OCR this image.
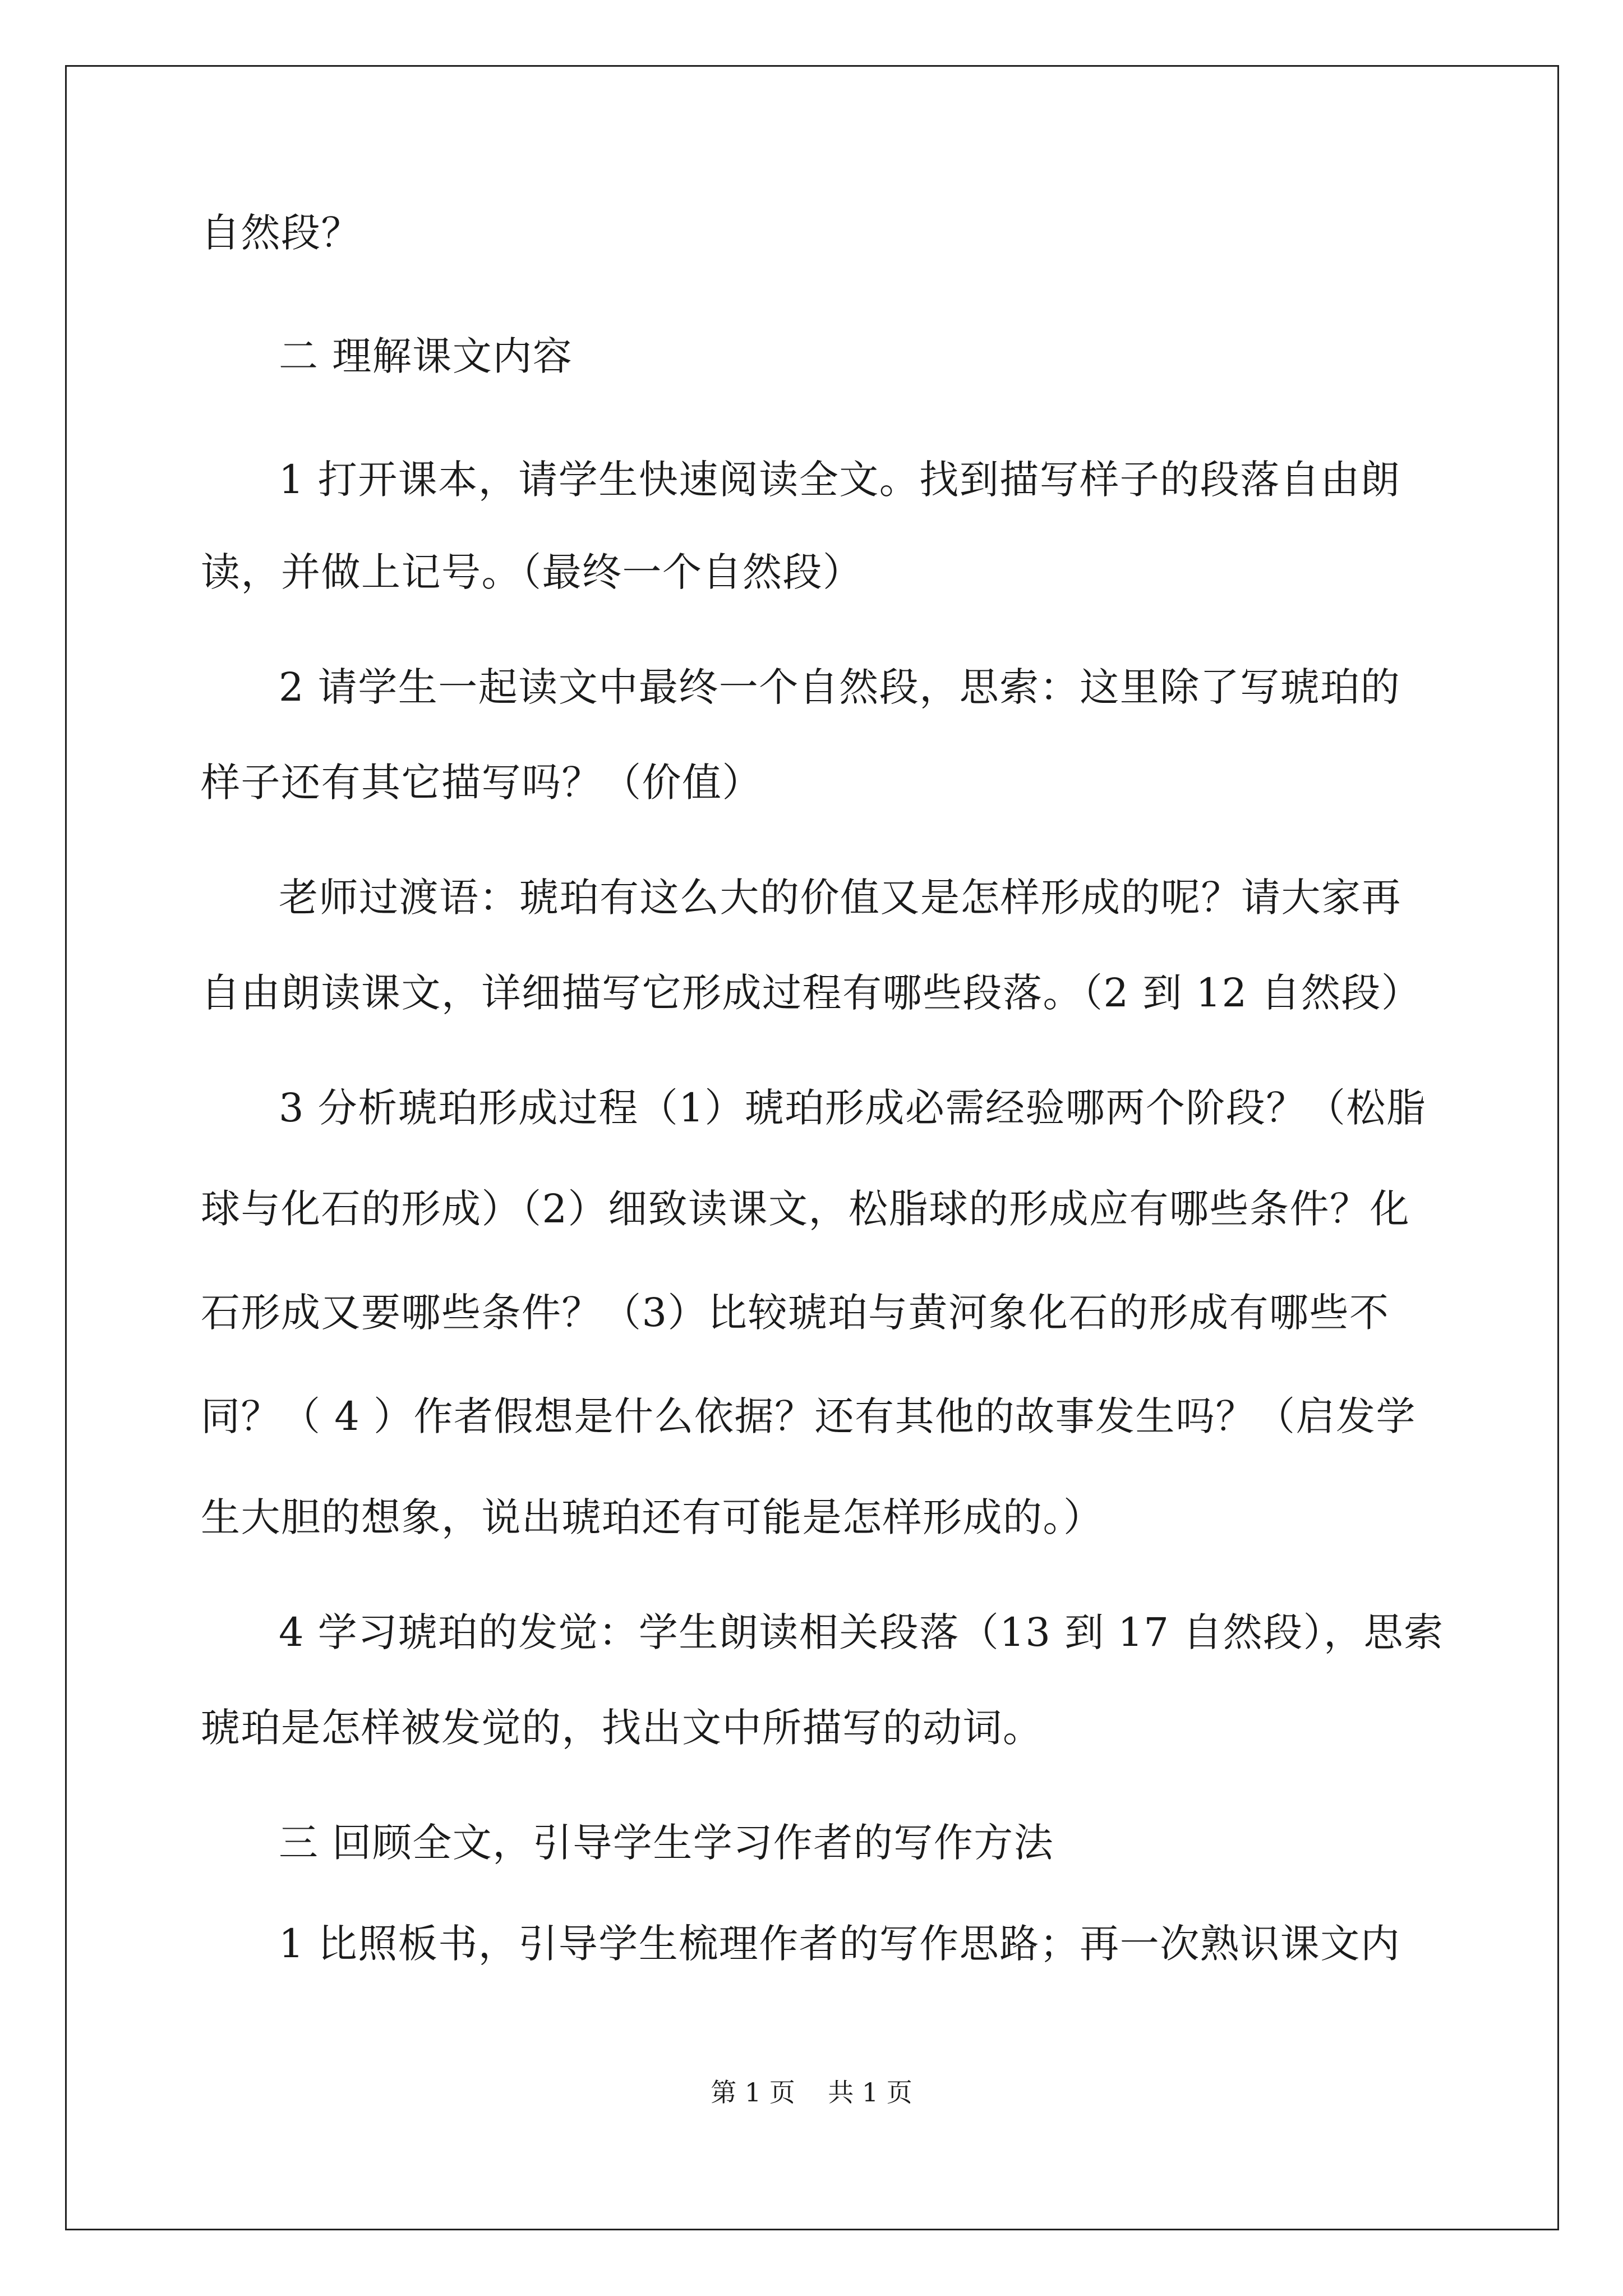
自然段？
二 理解课文内容
1 打开课本，请学生快速阅读全文。找到描写样子的段落自由朗
读，并做上记号。（最终一个自然段）
2 请学生一起读文中最终一个自然段，思索：这里除了写琥珀的
样子还有其它描写吗？（价值）
老师过渡语：琥珀有这么大的价值又是怎样形成的呢？请大家再
自由朗读课文，详细描写它形成过程有哪些段落。（2 到 12 自然段）
3 分析琥珀形成过程（1）琥珀形成必需经验哪两个阶段？（松脂
球与化石的形成）（2）细致读课文，松脂球的形成应有哪些条件？化
石形成又要哪些条件？（3）比较琥珀与黄河象化石的形成有哪些不
同？（ 4 ）作者假想是什么依据？还有其他的故事发生吗？（启发学
生大胆的想象，说出琥珀还有可能是怎样形成的。）
4 学习琥珀的发觉：学生朗读相关段落（13 到 17 自然段），思索
琥珀是怎样被发觉的，找出文中所描写的动词。
三 回顾全文，引导学生学习作者的写作方法
1 比照板书，引导学生梳理作者的写作思路；再一次熟识课文内
第 1 页    共 1 页
